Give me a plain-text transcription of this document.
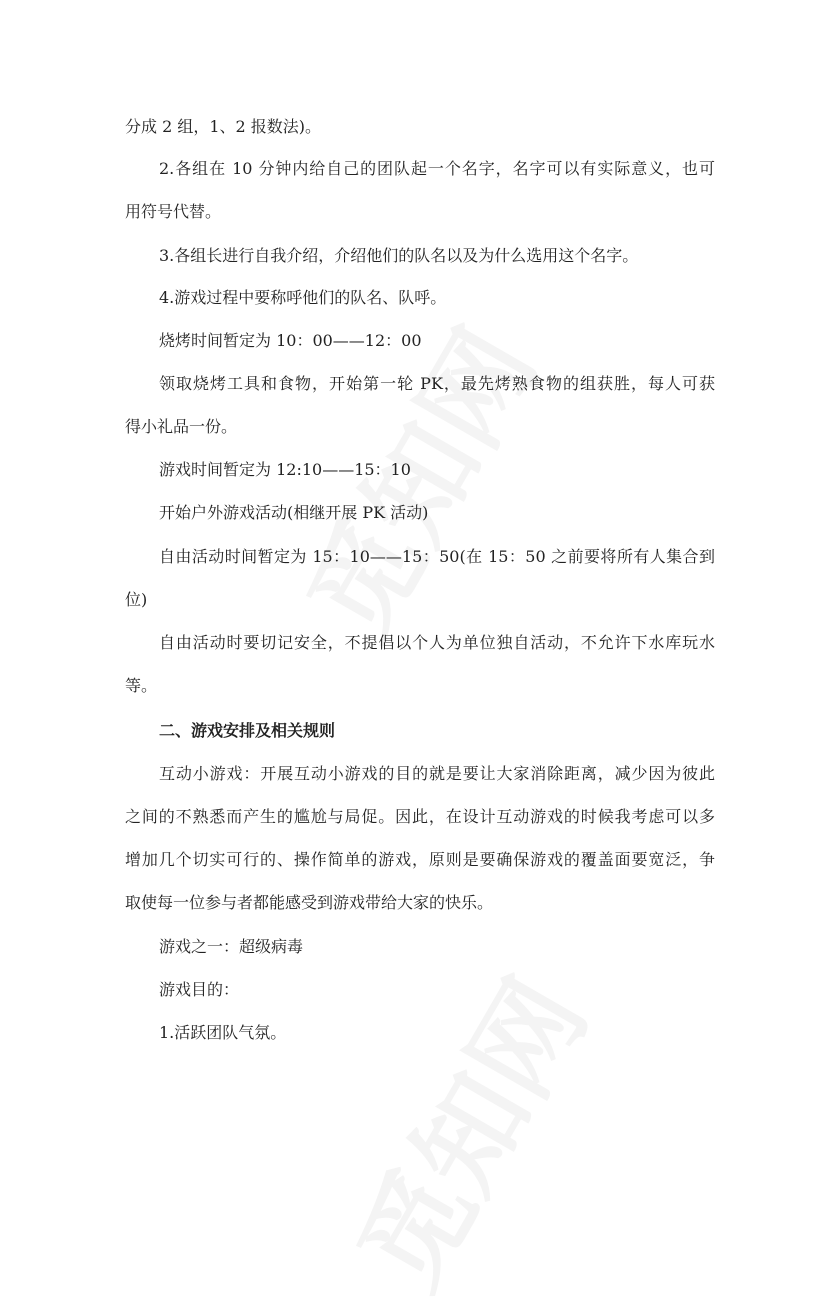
分成 2 组，1、2 报数法)。
2.各组在 10 分钟内给自己的团队起一个名字，名字可以有实际意义，也可
用符号代替。
3.各组长进行自我介绍，介绍他们的队名以及为什么选用这个名字。
4.游戏过程中要称呼他们的队名、队呼。
烧烤时间暂定为 10：00——12：00
领取烧烤工具和食物，开始第一轮 PK，最先烤熟食物的组获胜，每人可获
得小礼品一份。
游戏时间暂定为 12:10——15：10
开始户外游戏活动(相继开展 PK 活动)
自由活动时间暂定为 15：10——15：50(在 15：50 之前要将所有人集合到
位)
自由活动时要切记安全，不提倡以个人为单位独自活动，不允许下水库玩水
等。
二、游戏安排及相关规则
互动小游戏：开展互动小游戏的目的就是要让大家消除距离，减少因为彼此
之间的不熟悉而产生的尴尬与局促。因此，在设计互动游戏的时候我考虑可以多
增加几个切实可行的、操作简单的游戏，原则是要确保游戏的覆盖面要宽泛，争
取使每一位参与者都能感受到游戏带给大家的快乐。
游戏之一：超级病毒
游戏目的：
1.活跃团队气氛。
